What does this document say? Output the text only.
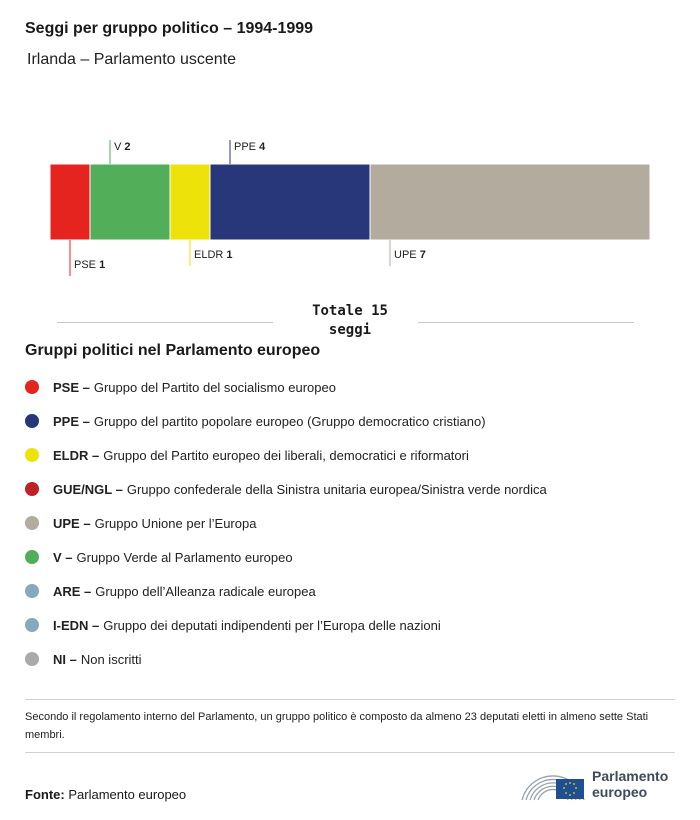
Seggi per gruppo politico – 1994-1999
Irlanda – Parlamento uscente
PSE 1
V 2
ELDR 1
PPE 4
UPE 7
Totale 15
seggi
Gruppi politici nel Parlamento europeo
PSE – Gruppo del Partito del socialismo europeo
PPE – Gruppo del partito popolare europeo (Gruppo democratico cristiano)
ELDR – Gruppo del Partito europeo dei liberali, democratici e riformatori
GUE/NGL – Gruppo confederale della Sinistra unitaria europea/Sinistra verde nordica
UPE – Gruppo Unione per l’Europa
V – Gruppo Verde al Parlamento europeo
ARE – Gruppo dell’Alleanza radicale europea
I-EDN – Gruppo dei deputati indipendenti per l’Europa delle nazioni
NI – Non iscritti
Secondo il regolamento interno del Parlamento, un gruppo politico è composto da almeno 23 deputati eletti in almeno sette Stati membri.
Fonte: Parlamento europeo
Parlamento
europeo
